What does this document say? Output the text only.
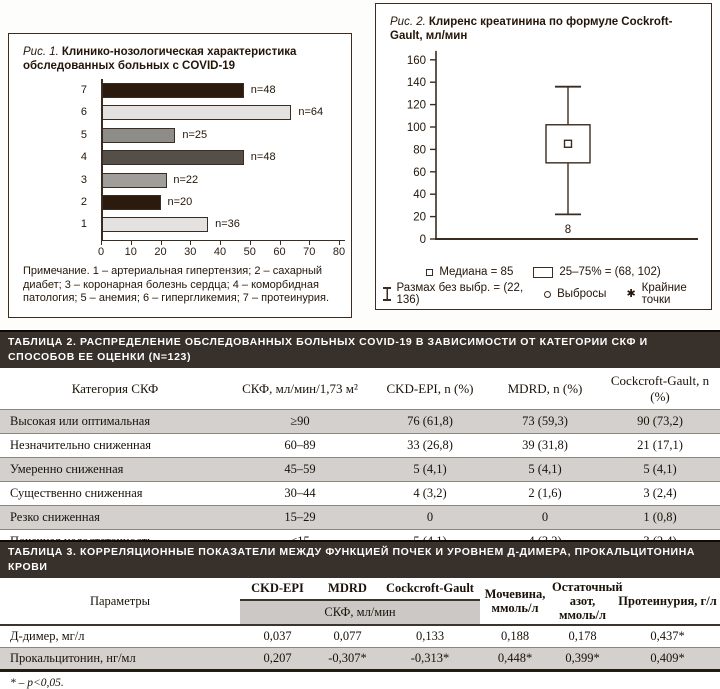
Рис. 1. Клинико-нозологическая характеристика обследованных больных с COVID-19
7	n=48
6	n=64
5	n=25
4	n=48
3	n=22
2	n=20
1	n=36
0	10	20	30	40	50	60	70	80
Примечание. 1 – артериальная гипертензия; 2 – сахарный диабет; 3 – коронарная болезнь сердца; 4 – коморбидная патология; 5 – анемия; 6 – гипергликемия; 7 – протеинурия.
Рис. 2. Клиренс креатинина по формуле Cockroft-Gault, мл/мин
0
20
40
60
80
100
120
140
160
8
Медиана = 85	25–75% = (68, 102)
Размах без выбр. = (22, 136)	Выбросы ✱ Крайние точки
ТАБЛИЦА 2. РАСПРЕДЕЛЕНИЕ ОБСЛЕДОВАННЫХ БОЛЬНЫХ COVID-19 В ЗАВИСИМОСТИ ОТ КАТЕГОРИИ СКФ И СПОСОБОВ ЕЕ ОЦЕНКИ (N=123)
Категория СКФ	СКФ, мл/мин/1,73 м²	CKD-EPI, n (%)	MDRD, n (%)	Cockcroft-Gault, n (%)
Высокая или оптимальная	≥90	76 (61,8)	73 (59,3)	90 (73,2)
Незначительно сниженная	60–89	33 (26,8)	39 (31,8)	21 (17,1)
Умеренно сниженная	45–59	5 (4,1)	5 (4,1)	5 (4,1)
Существенно сниженная	30–44	4 (3,2)	2 (1,6)	3 (2,4)
Резко сниженная	15–29	0	0	1 (0,8)

ТАБЛИЦА 3. КОРРЕЛЯЦИОННЫЕ ПОКАЗАТЕЛИ МЕЖДУ ФУНКЦИЕЙ ПОЧЕК И УРОВНЕМ Д-ДИМЕРА, ПРОКАЛЬЦИТОНИНА КРОВИ
Параметры	CKD-EPI	MDRD	Cockcroft-Gault	Мочевина, ммоль/л	Остаточный азот, ммоль/л	Протеинурия, г/л
	СКФ, мл/мин					
Д-димер, мг/л	0,037	0,077	0,133	0,188	0,178	0,437*
Прокальцитонин, нг/мл	0,207	-0,307*	-0,313*	0,448*	0,399*	0,409*
* – p<0,05.
